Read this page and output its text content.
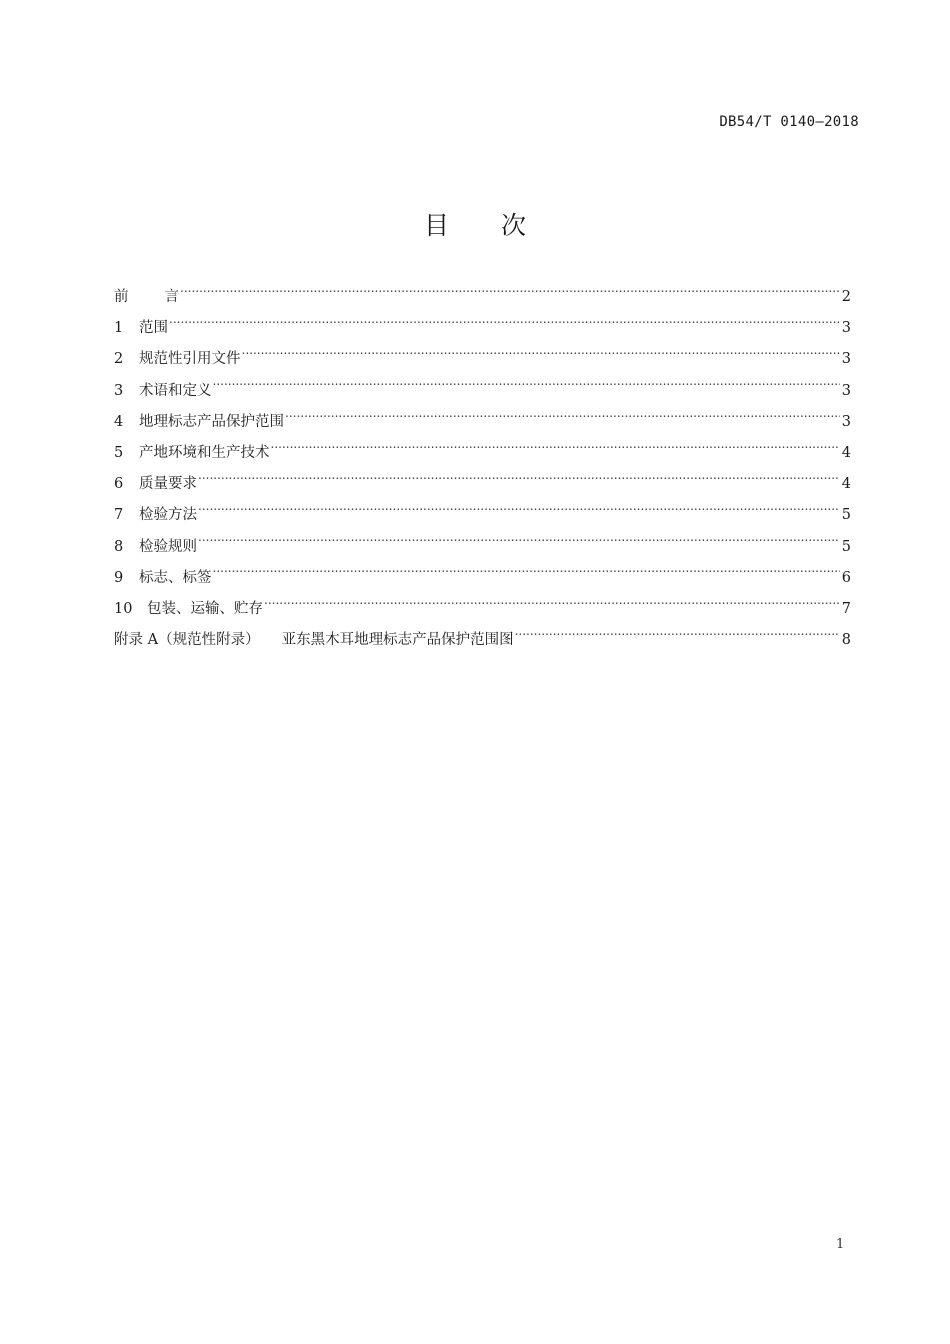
DB54/T 0140—2018
目 次
前 言 .....	2
1	范围 .....	3
2	规范性引用文件 .....	3
3	术语和定义 .....	3
4	地理标志产品保护范围 .....	3
5	产地环境和生产技术 .....	4
6	质量要求 .....	4
7	检验方法 .....	5
8	检验规则 .....	5
9	标志、标签 .....	6
10	包装、运输、贮存 .....	7
附录 A（规范性附录） 亚东黑木耳地理标志产品保护范围图 .....	8
1
